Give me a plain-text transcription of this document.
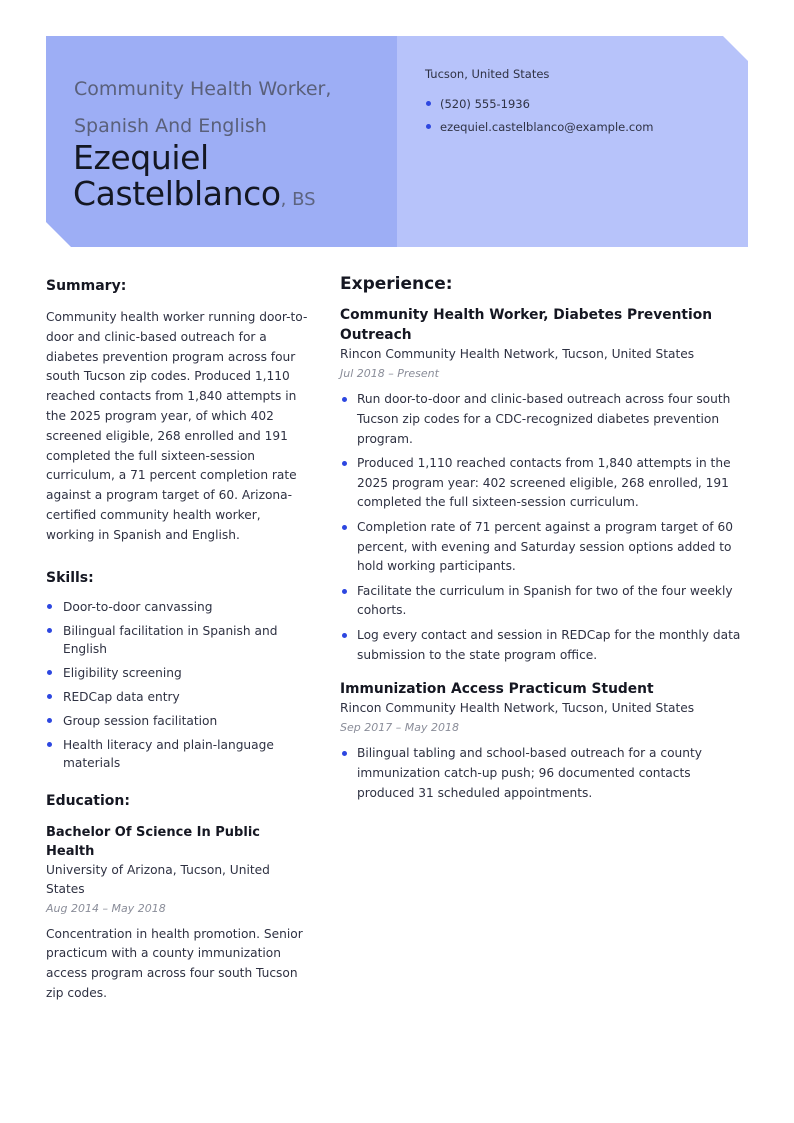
Community Health Worker, Spanish And English
Ezequiel Castelblanco, BS
Tucson, United States
(520) 555-1936
ezequiel.castelblanco@example.com
Summary:

Community health worker running door-to-door and clinic-based outreach for a diabetes prevention program across four south Tucson zip codes. Produced 1,110 reached contacts from 1,840 attempts in the 2025 program year, of which 402 screened eligible, 268 enrolled and 191 completed the full sixteen-session curriculum, a 71 percent completion rate against a program target of 60. Arizona-certified community health worker, working in Spanish and English.

Skills:
Door-to-door canvassing
Bilingual facilitation in Spanish and English
Eligibility screening
REDCap data entry
Group session facilitation
Health literacy and plain-language materials
Education:
Bachelor Of Science In Public Health
University of Arizona, Tucson, United States
Aug 2014 – May 2018

Concentration in health promotion. Senior practicum with a county immunization access program across four south Tucson zip codes.

Experience:
Community Health Worker, Diabetes Prevention Outreach
Rincon Community Health Network, Tucson, United States
Jul 2018 – Present
Run door-to-door and clinic-based outreach across four south Tucson zip codes for a CDC-recognized diabetes prevention program.
Produced 1,110 reached contacts from 1,840 attempts in the 2025 program year: 402 screened eligible, 268 enrolled, 191 completed the full sixteen-session curriculum.
Completion rate of 71 percent against a program target of 60 percent, with evening and Saturday session options added to hold working participants.
Facilitate the curriculum in Spanish for two of the four weekly cohorts.
Log every contact and session in REDCap for the monthly data submission to the state program office.
Immunization Access Practicum Student
Rincon Community Health Network, Tucson, United States
Sep 2017 – May 2018
Bilingual tabling and school-based outreach for a county immunization catch-up push; 96 documented contacts produced 31 scheduled appointments.
